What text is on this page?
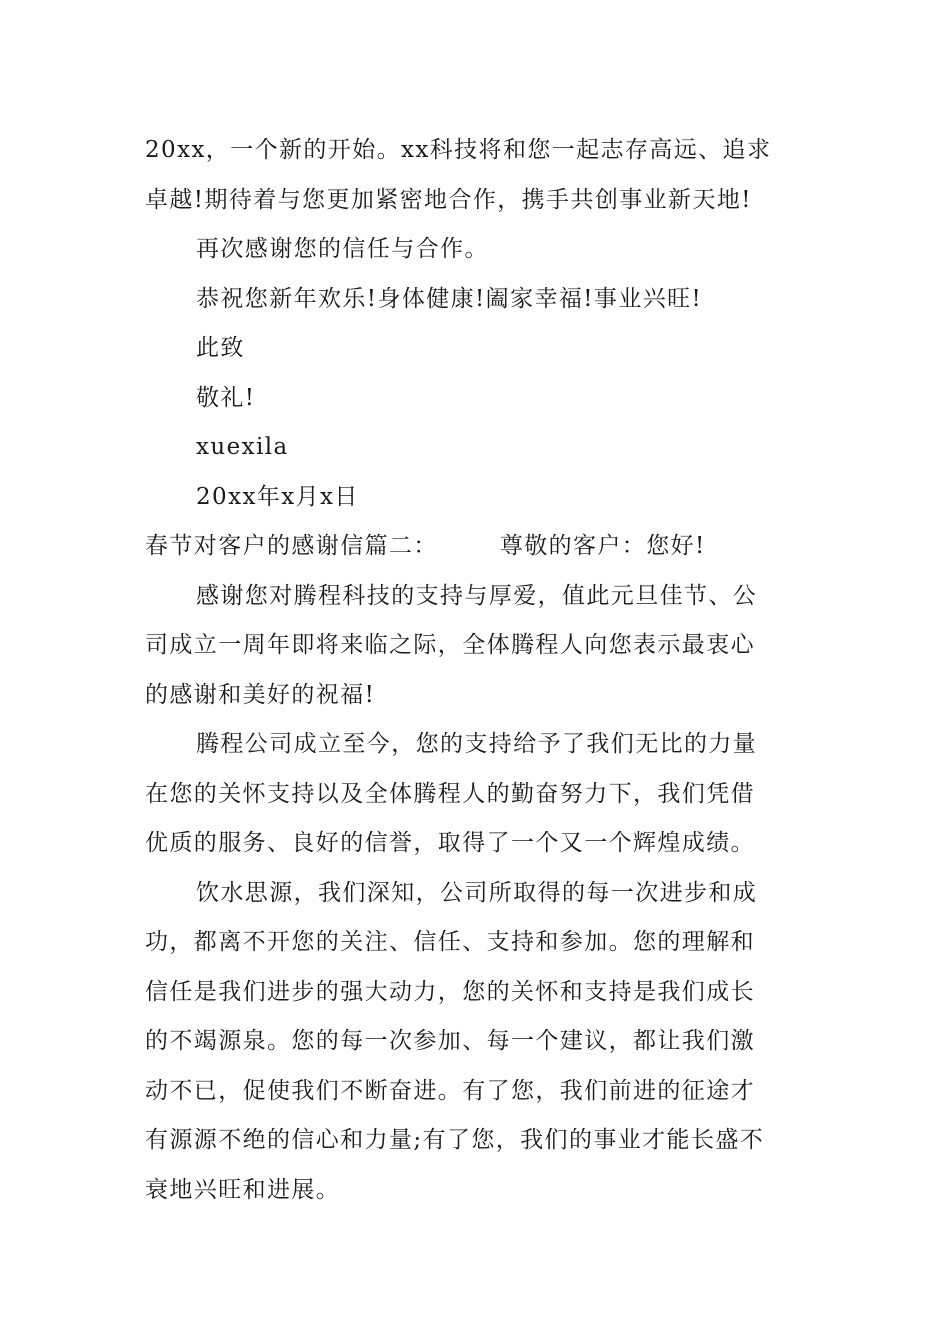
20xx，一个新的开始。xx科技将和您一起志存高远、追求
卓越!期待着与您更加紧密地合作，携手共创事业新天地!
再次感谢您的信任与合作。
恭祝您新年欢乐!身体健康!阖家幸福!事业兴旺!
此致
敬礼!
xuexila
20xx年x月x日
春节对客户的感谢信篇二：	尊敬的客户：您好!
感谢您对腾程科技的支持与厚爱，值此元旦佳节、公
司成立一周年即将来临之际，全体腾程人向您表示最衷心
的感谢和美好的祝福!
腾程公司成立至今，您的支持给予了我们无比的力量
在您的关怀支持以及全体腾程人的勤奋努力下，我们凭借
优质的服务、良好的信誉，取得了一个又一个辉煌成绩。
饮水思源，我们深知，公司所取得的每一次进步和成
功，都离不开您的关注、信任、支持和参加。您的理解和
信任是我们进步的强大动力，您的关怀和支持是我们成长
的不竭源泉。您的每一次参加、每一个建议，都让我们激
动不已，促使我们不断奋进。有了您，我们前进的征途才
有源源不绝的信心和力量;有了您，我们的事业才能长盛不
衰地兴旺和进展。
